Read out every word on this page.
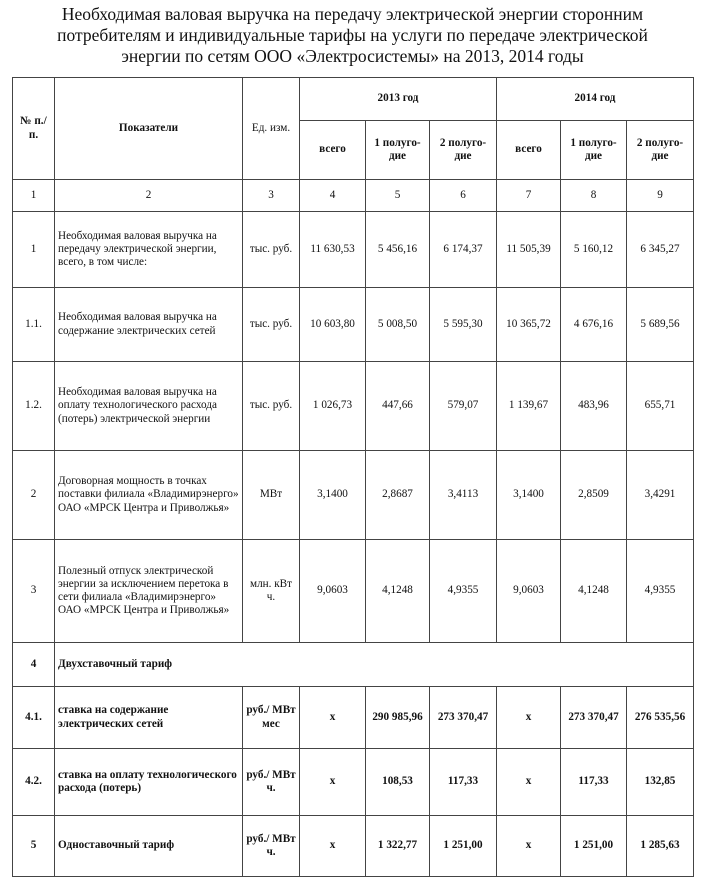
Необходимая валовая выручка на передачу электрической энергии сторонним
потребителям и индивидуальные тарифы на услуги по передаче электрической
энергии по сетям ООО «Электросистемы» на 2013, 2014 годы
№ п./ п.	Показатели	Ед. изм.	2013 год			2014 год		
			всего	1 полуго-дие	2 полуго-дие	всего	1 полуго-дие	2 полуго-дие
1	2	3	4	5	6	7	8	9
1	Необходимая валовая выручка на передачу электрической энергии, всего, в том числе:	тыс. руб.	11 630,53	5 456,16	6 174,37	11 505,39	5 160,12	6 345,27
1.1.	Необходимая валовая выручка на содержание электрических сетей	тыс. руб.	10 603,80	5 008,50	5 595,30	10 365,72	4 676,16	5 689,56
1.2.	Необходимая валовая выручка на оплату технологического расхода (потерь) электрической энергии	тыс. руб.	1 026,73	447,66	579,07	1 139,67	483,96	655,71
2	Договорная мощность в точках поставки филиала «Владимирэнерго» ОАО «МРСК Центра и Приволжья»	МВт	3,1400	2,8687	3,4113	3,1400	2,8509	3,4291
3	Полезный отпуск электрической энергии за исключением перетока в сети филиала «Владимирэнерго» ОАО «МРСК Центра и Приволжья»	млн. кВт ч.	9,0603	4,1248	4,9355	9,0603	4,1248	4,9355
4	Двухставочный тариф							
4.1.	ставка на содержание электрических сетей	руб./ МВт мес	x	290 985,96	273 370,47	x	273 370,47	276 535,56
4.2.	ставка на оплату технологического расхода (потерь)	руб./ МВт ч.	x	108,53	117,33	x	117,33	132,85
5	Одноставочный тариф	руб./ МВт ч.	x	1 322,77	1 251,00	x	1 251,00	1 285,63
